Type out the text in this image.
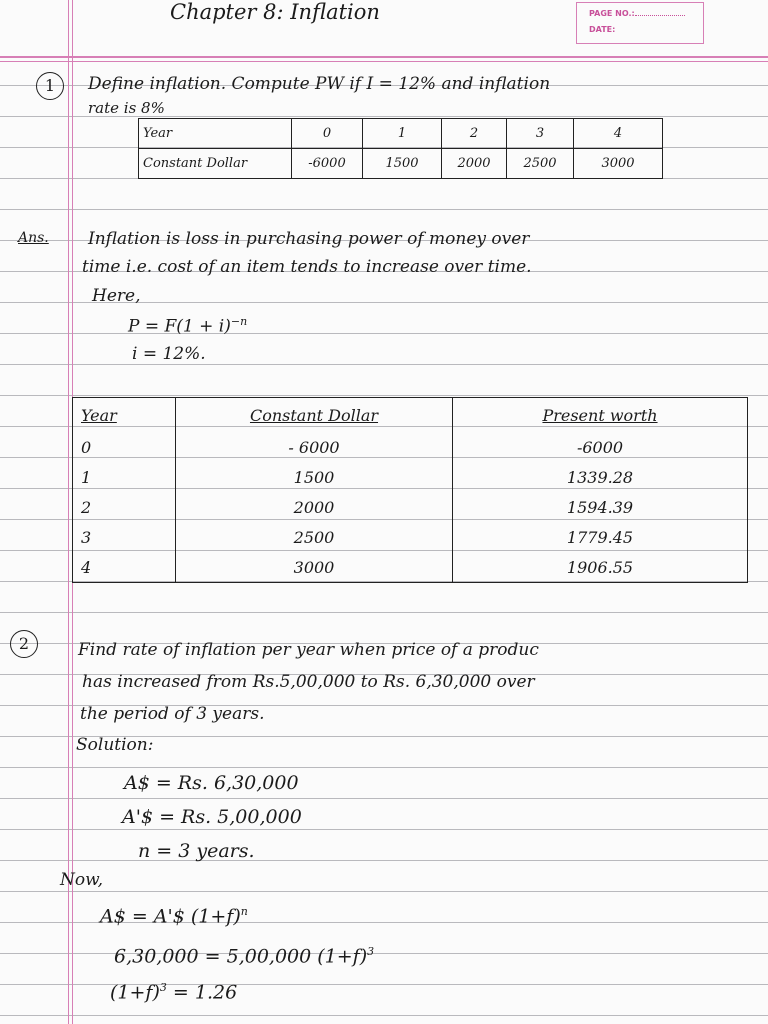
Chapter 8: Inflation	PAGE NO.:
DATE:
1	Define inflation. Compute PW if I = 12% and inflation
rate is 8%
Year	0	1	2	3	4
Constant Dollar	-6000	1500	2000	2500	3000
Ans. Inflation is loss in purchasing power of money over
time i.e. cost of an item tends to increase over time.
Here,
$P = F(1 + i)^{-n}$
i = 12%.
Year	Constant Dollar	Present worth
0	- 6000	-6000
1	1500	1339.28
2	2000	1594.39
3	2500	1779.45
4	3000	1906.55
2	Find rate of inflation per year when price of a produc
has increased from Rs.5,00,000 to Rs. 6,30,000 over
the period of 3 years.
Solution:
A$ = Rs. 6,30,000
A'$ = Rs. 5,00,000
n = 3 years.
Now,
A$ = A'$ $(1+f)^n$
6,30,000 = 5,00,000 $(1+f)^3$
$(1+f)^3 = 1.26$
